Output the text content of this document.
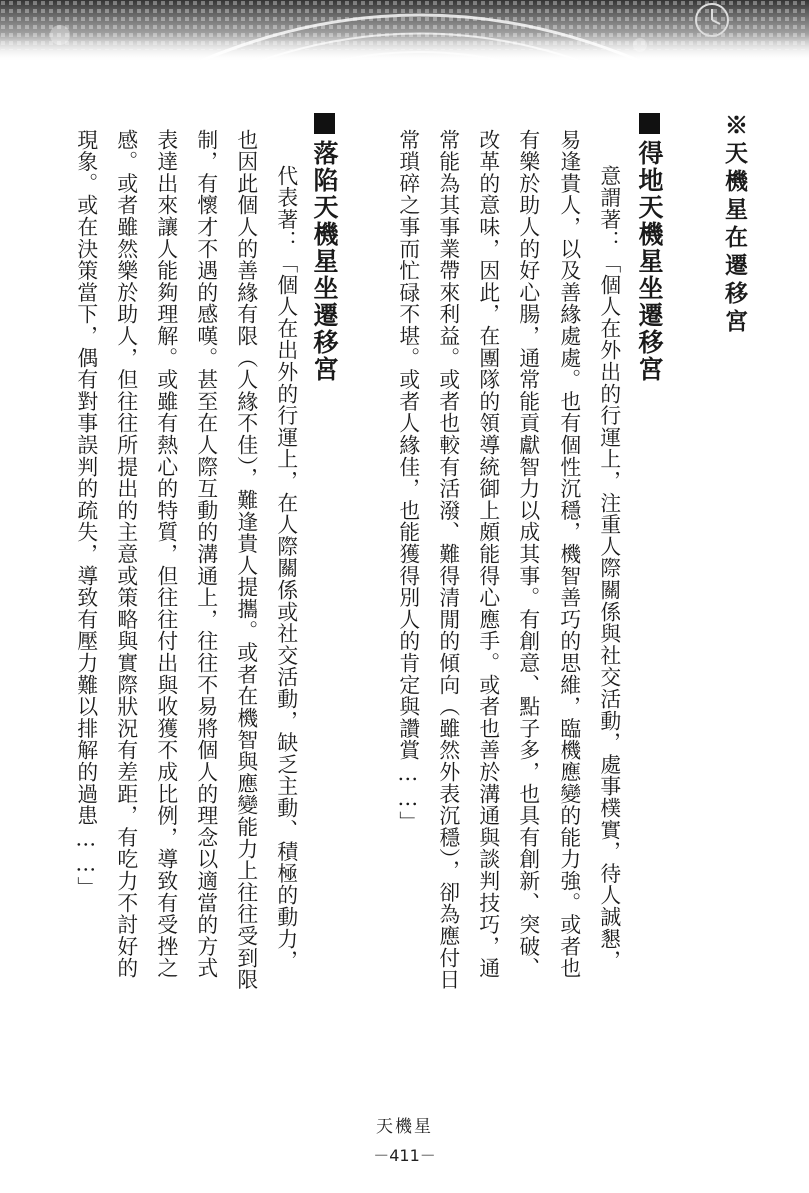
※天機星在遷移宮
得地天機星坐遷移宮
意謂著：「個人在外出的行運上，注重人際關係與社交活動，處事樸實，待人誠懇，
易逢貴人，以及善緣處處。也有個性沉穩，機智善巧的思維，臨機應變的能力強。或者也
有樂於助人的好心腸，通常能貢獻智力以成其事。有創意、點子多，也具有創新、突破、
改革的意味，因此，在團隊的領導統御上頗能得心應手。或者也善於溝通與談判技巧，通
常能為其事業帶來利益。或者也較有活潑、難得清閒的傾向（雖然外表沉穩），卻為應付日
常瑣碎之事而忙碌不堪。或者人緣佳，也能獲得別人的肯定與讚賞……」
落陷天機星坐遷移宮
代表著：「個人在出外的行運上，在人際關係或社交活動，缺乏主動、積極的動力，
也因此個人的善緣有限（人緣不佳），難逢貴人提攜。或者在機智與應變能力上往往受到限
制，有懷才不遇的感嘆。甚至在人際互動的溝通上，往往不易將個人的理念以適當的方式
表達出來讓人能夠理解。或雖有熱心的特質，但往往付出與收獲不成比例，導致有受挫之
感。或者雖然樂於助人，但往往所提出的主意或策略與實際狀況有差距，有吃力不討好的
現象。或在決策當下，偶有對事誤判的疏失，導致有壓力難以排解的過患……」
天機星
－411－
